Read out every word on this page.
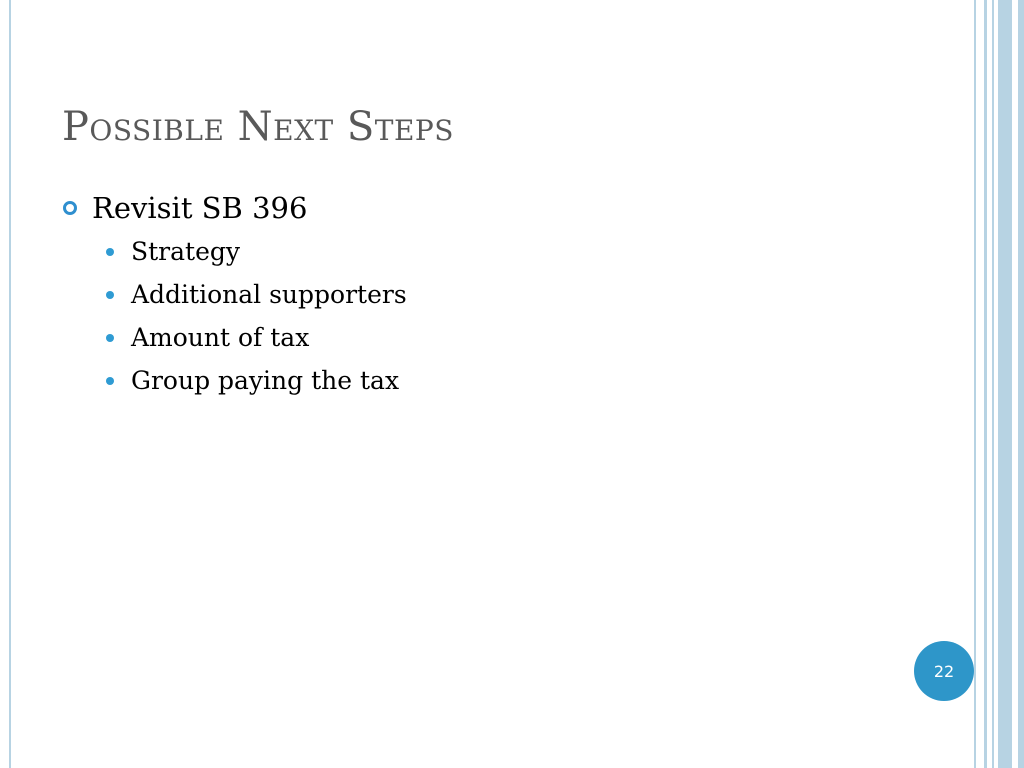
Possible Next Steps
Revisit SB 396
Strategy
Additional supporters
Amount of tax
Group paying the tax
22
